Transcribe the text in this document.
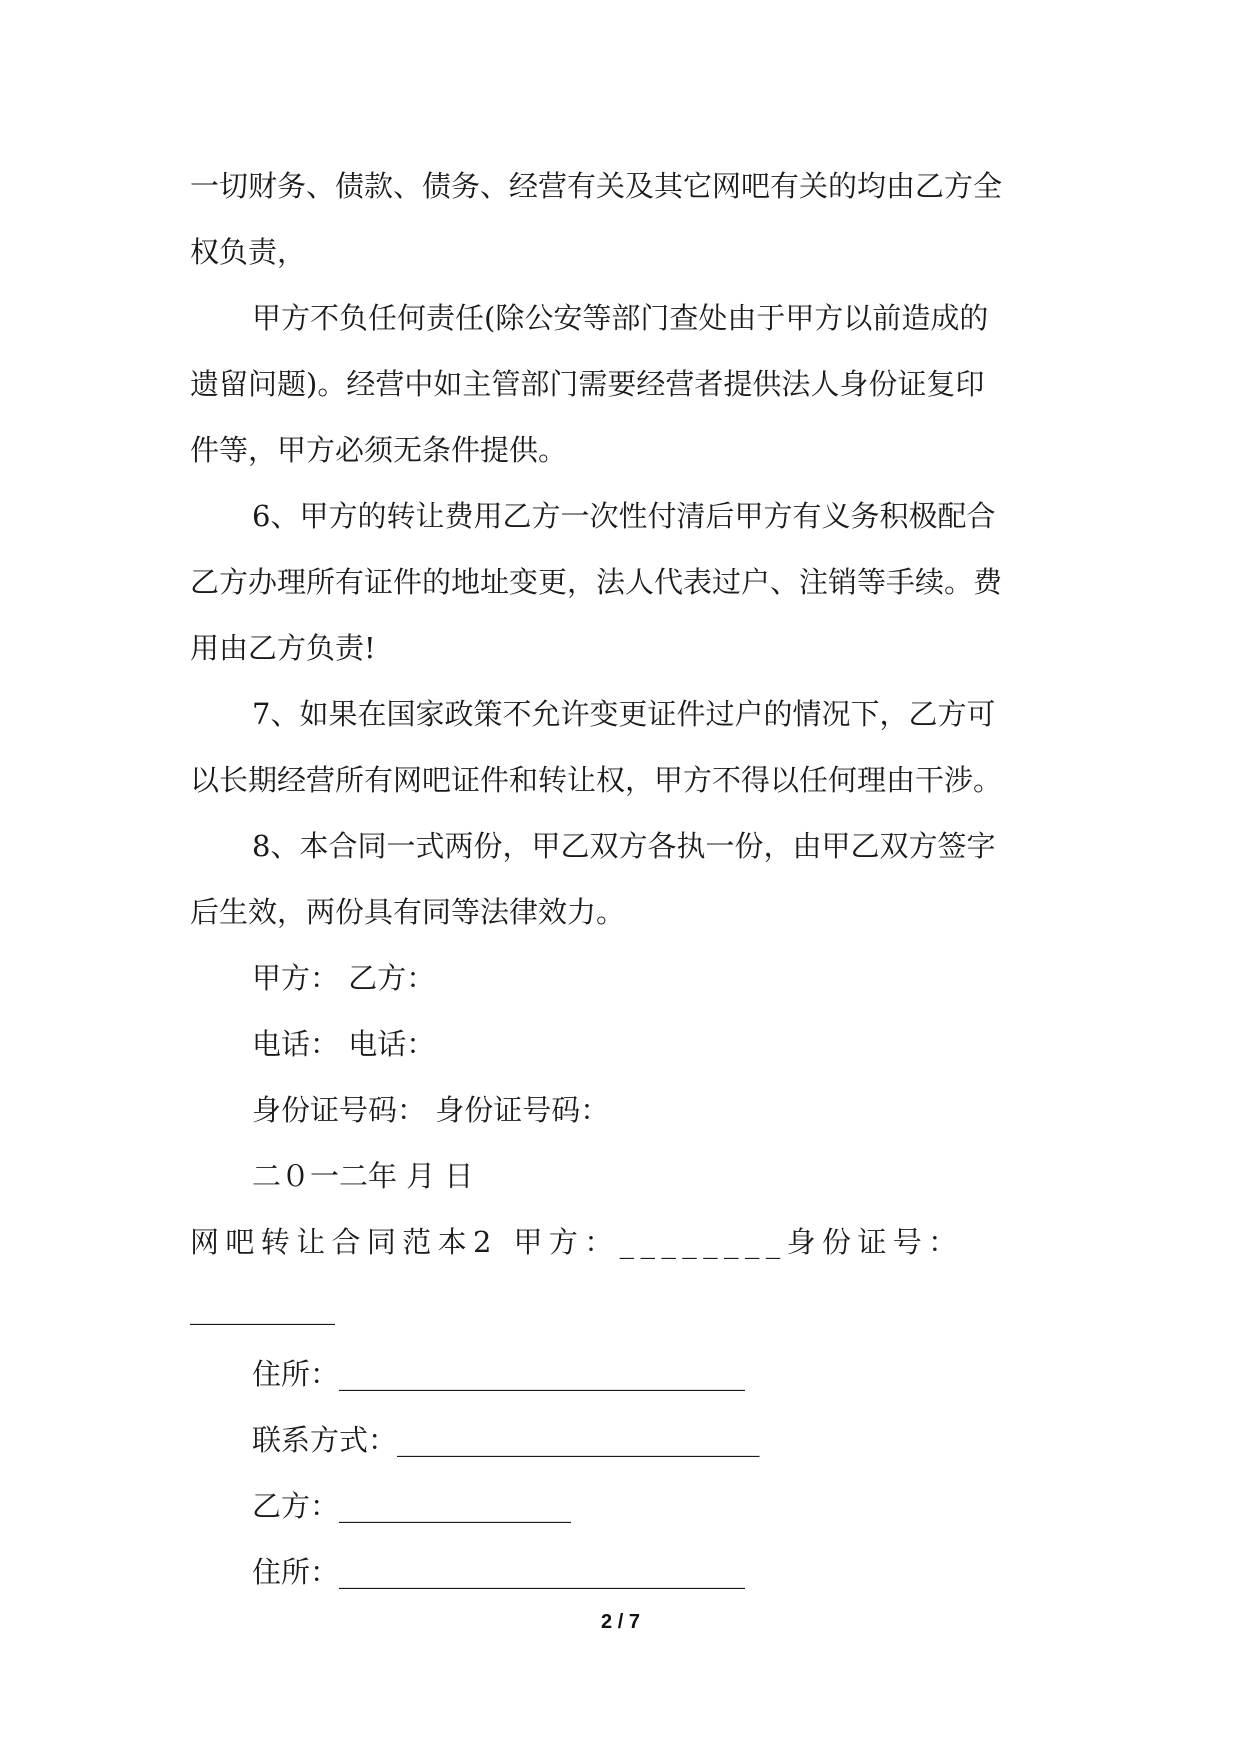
一切财务、债款、债务、经营有关及其它网吧有关的均由乙方全

权负责，

甲方不负任何责任(除公安等部门查处由于甲方以前造成的

遗留问题)。经营中如主管部门需要经营者提供法人身份证复印

件等，甲方必须无条件提供。

6、甲方的转让费用乙方一次性付清后甲方有义务积极配合

乙方办理所有证件的地址变更，法人代表过户、注销等手续。费

用由乙方负责!

7、如果在国家政策不允许变更证件过户的情况下，乙方可

以长期经营所有网吧证件和转让权，甲方不得以任何理由干涉。

8、本合同一式两份，甲乙双方各执一份，由甲乙双方签字

后生效，两份具有同等法律效力。

甲方： 乙方：

电话： 电话：

身份证号码： 身份证号码：

二０一二年 月 日

网吧转让合同范本2 甲方：________身份证号：

__________

住所：____________________________

联系方式：_________________________

乙方：________________

住所：____________________________

2 / 7
